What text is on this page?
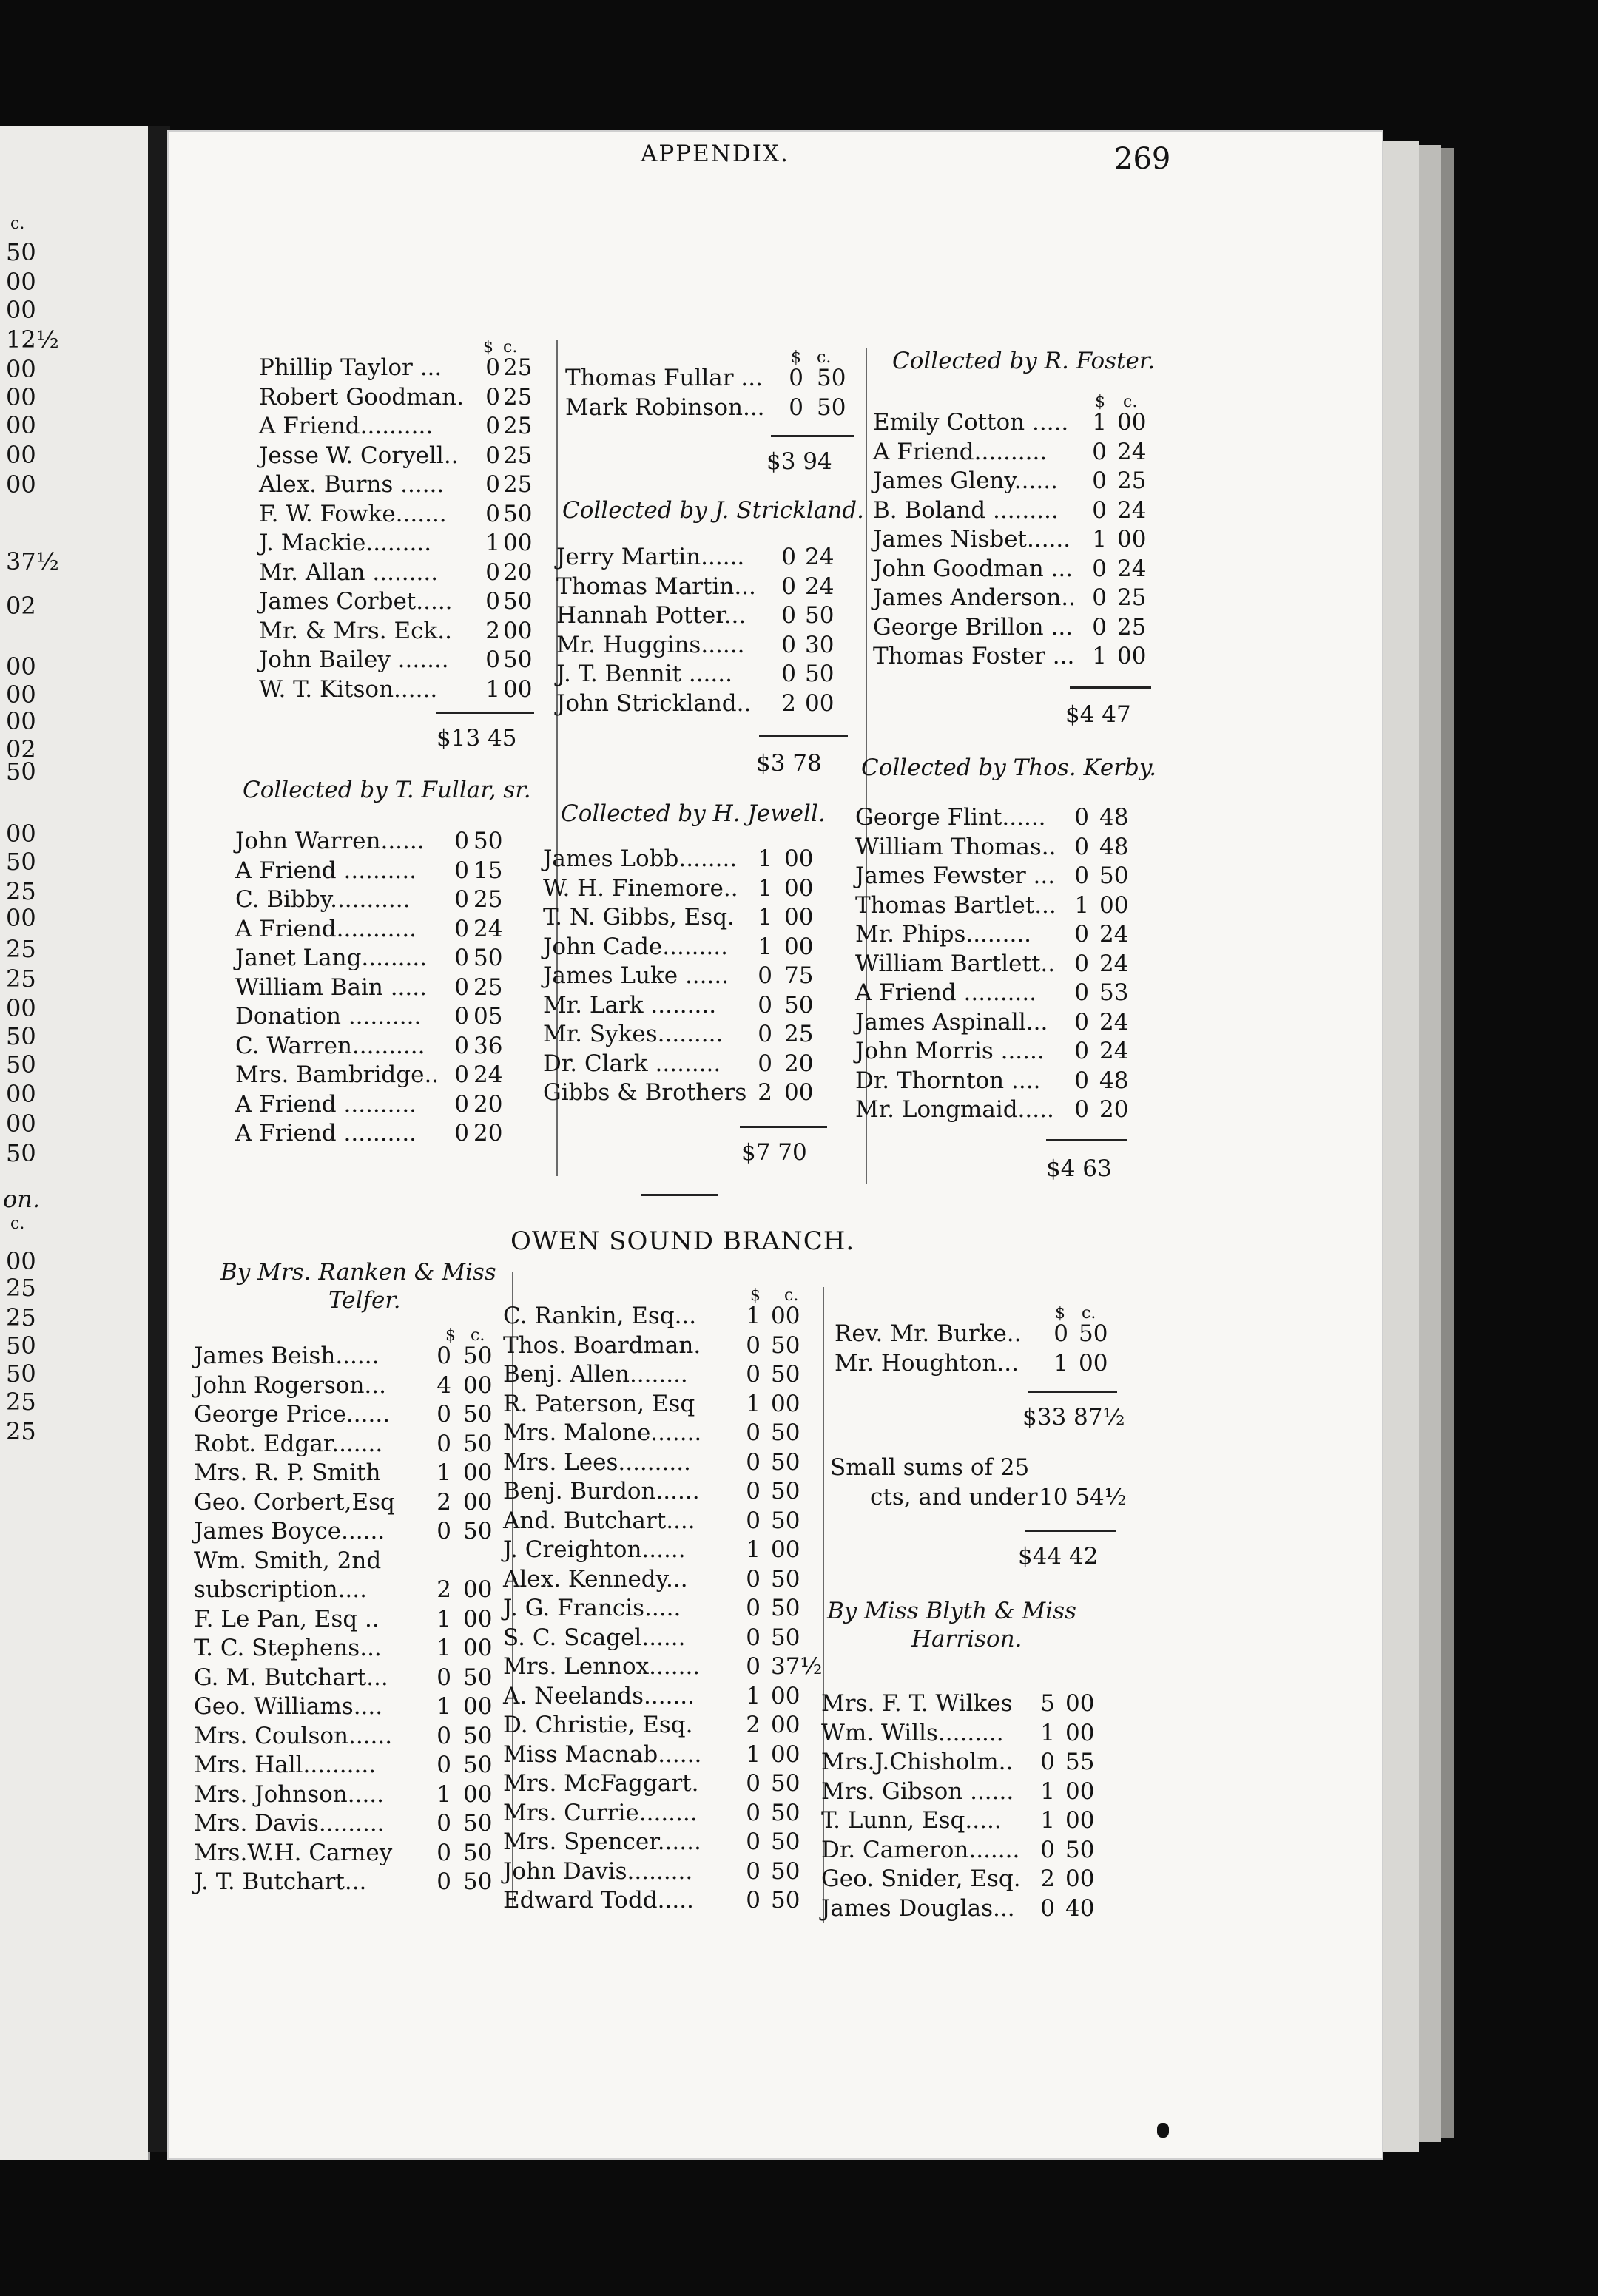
c.
50
00
00
12½
00
00
00
00
00
37½
02
00
00
00
02
50
00
50
25
00
25
25
00
50
50
00
00
50
on.
c.
00
25
25
50
50
25
25
APPENDIX.	269
$ c.
Phillip Taylor ...	0 25
Robert Goodman. 0 25
A Friend..........	0 25
Jesse W. Coryell..	0 25
Alex. Burns ......	0 25
F. W. Fowke.......	0 50
J. Mackie.........	1 00
Mr. Allan .........	0 20
James Corbet.....	0 50
Mr. & Mrs. Eck..	2 00
John Bailey .......	0 50
W. T. Kitson......	1 00
$13 45
Collected by T. Fullar, sr.
John Warren......	0 50
A Friend ..........	0 15
C. Bibby...........	0 25
A Friend...........	0 24
Janet Lang.........	0 50
William Bain .....	0 25
Donation ..........	0 05
C. Warren..........	0 36
Mrs. Bambridge.. 0 24
A Friend ..........	0 20
A Friend ..........	0 20
$ c.
Thomas Fullar ...	0 50
Mark Robinson...	0 50
$3 94
Collected by J. Strickland.
Jerry Martin......	0 24
Thomas Martin...	0 24
Hannah Potter...	0 50
Mr. Huggins......	0 30
J. T. Bennit ......	0 50
John Strickland..	2 00
$3 78
Collected by H. Jewell.
James Lobb........ 1 00
W. H. Finemore.. 1 00
T. N. Gibbs, Esq.	1 00
John Cade.........	1 00
James Luke ......	0 75
Mr. Lark .........	0 50
Mr. Sykes.........	0 25
Dr. Clark .........	0 20
Gibbs & Brothers 2 00
$7 70
Collected by R. Foster.
$ c.
Emily Cotton .....	1 00
A Friend..........	0 24
James Gleny......	0 25
B. Boland .........	0 24
James Nisbet...... 1 00
John Goodman ... 0 24
James Anderson.. 0 25
George Brillon ... 0 25
Thomas Foster ... 1 00
$4 47
Collected by Thos. Kerby.
George Flint......	0 48
William Thomas.. 0 48
James Fewster ... 0 50
Thomas Bartlet... 1 00
Mr. Phips.........	0 24
William Bartlett.. 0 24
A Friend ..........	0 53
James Aspinall...	0 24
John Morris ......	0 24
Dr. Thornton ....	0 48
Mr. Longmaid..... 0 20
$4 63
OWEN SOUND BRANCH.
By Mrs. Ranken & Miss
Telfer.
$ c.
James Beish......	0 50
John Rogerson...	4 00
George Price......	0 50
Robt. Edgar.......	0 50
Mrs. R. P. Smith	1 00
Geo. Corbert,Esq	2 00
James Boyce......	0 50
Wm. Smith, 2nd
subscription....	2 00
F. Le Pan, Esq ..	1 00
T. C. Stephens...	1 00
G. M. Butchart...	0 50
Geo. Williams....	1 00
Mrs. Coulson......	0 50
Mrs. Hall..........	0 50
Mrs. Johnson.....	1 00
Mrs. Davis.........	0 50
Mrs.W.H. Carney	0 50
J. T. Butchart...	0 50
$ c.
C. Rankin, Esq...	1 00
Thos. Boardman.	0 50
Benj. Allen........	0 50
R. Paterson, Esq	1 00
Mrs. Malone.......	0 50
Mrs. Lees..........	0 50
Benj. Burdon......	0 50
And. Butchart....	0 50
J. Creighton......	1 00
Alex. Kennedy...	0 50
J. G. Francis.....	0 50
S. C. Scagel......	0 50
Mrs. Lennox.......	0 37½
A. Neelands.......	1 00
D. Christie, Esq.	2 00
Miss Macnab......	1 00
Mrs. McFaggart.	0 50
Mrs. Currie........	0 50
Mrs. Spencer......	0 50
John Davis.........	0 50
Edward Todd.....	0 50
$ c.
Rev. Mr. Burke..	0 50
Mr. Houghton...	1 00
$33 87½
Small sums of 25
cts, and under 10 54½
$44 42
By Miss Blyth & Miss
Harrison.
Mrs. F. T. Wilkes	5 00
Wm. Wills.........	1 00
Mrs.J.Chisholm..	0 55
Mrs. Gibson ......	1 00
T. Lunn, Esq.....	1 00
Dr. Cameron....... 0 50
Geo. Snider, Esq. 2 00
James Douglas...	0 40
